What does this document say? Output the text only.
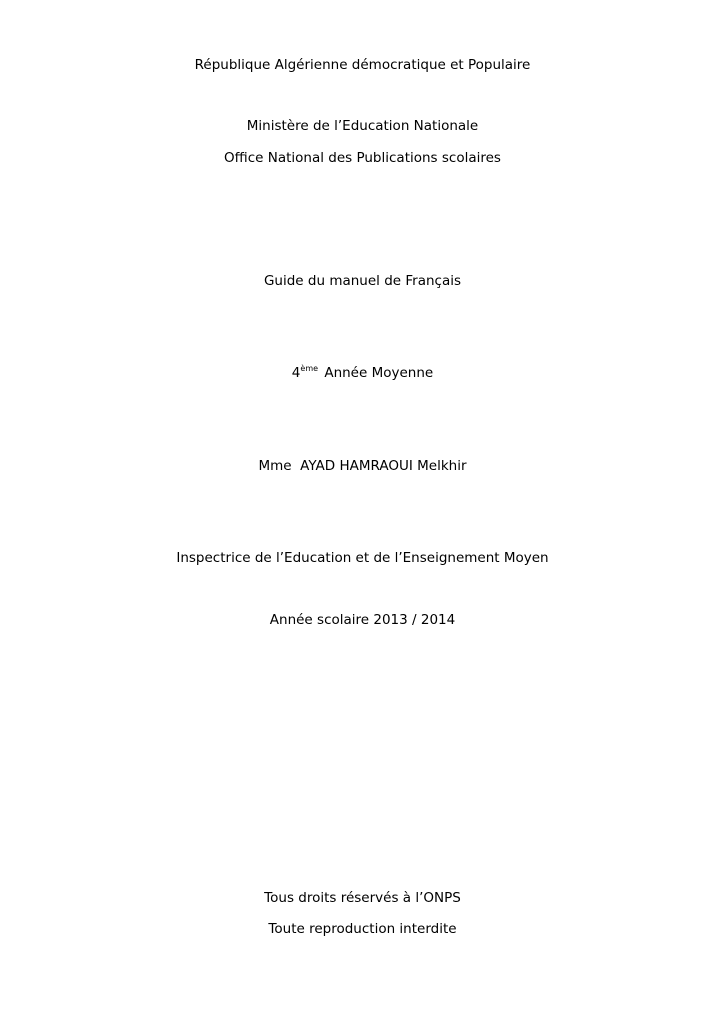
République Algérienne démocratique et Populaire
Ministère de l’Education Nationale
Office National des Publications scolaires
Guide du manuel de Français
4ème Année Moyenne
Mme  AYAD HAMRAOUI Melkhir
Inspectrice de l’Education et de l’Enseignement Moyen
Année scolaire 2013 / 2014
Tous droits réservés à l’ONPS
Toute reproduction interdite
